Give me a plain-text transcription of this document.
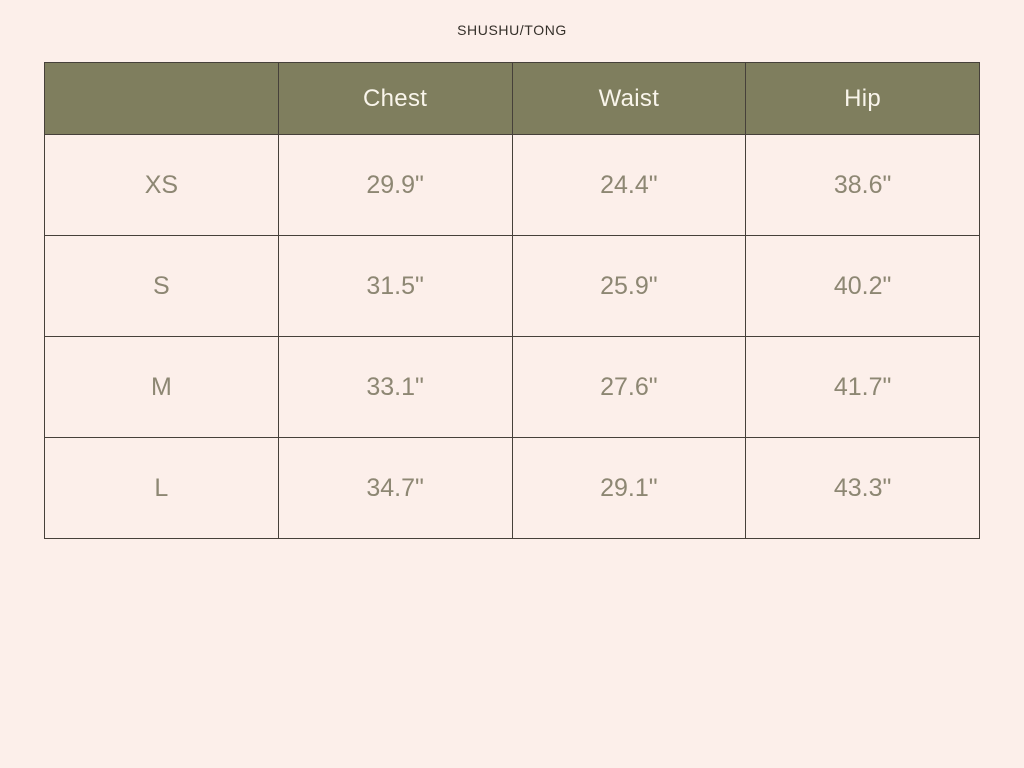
SHUSHU/TONG
	Chest	Waist	Hip
XS	29.9"	24.4"	38.6"
S	31.5"	25.9"	40.2"
M	33.1"	27.6"	41.7"
L	34.7"	29.1"	43.3"
